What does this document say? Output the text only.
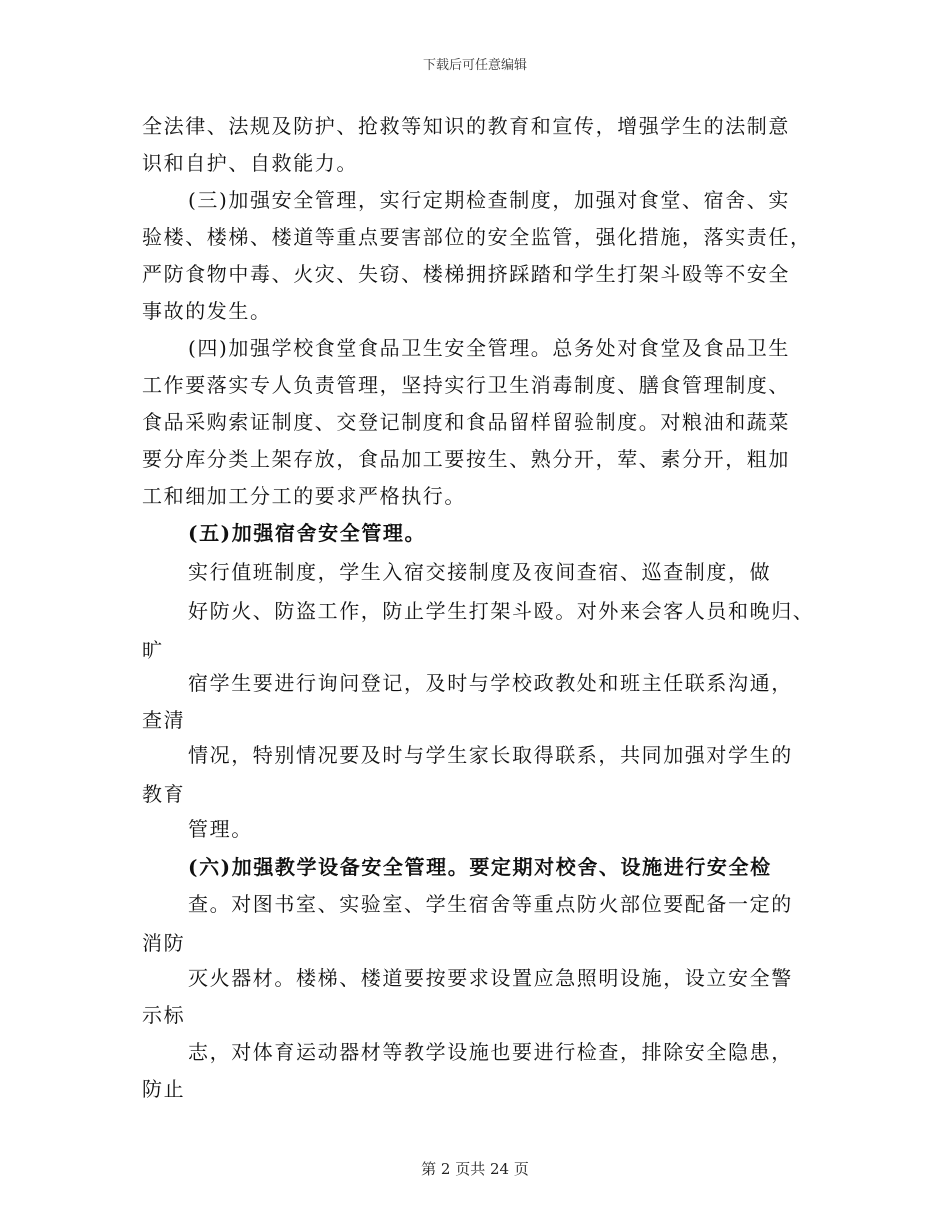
下载后可任意编辑

全法律、法规及防护、抢救等知识的教育和宣传，增强学生的法制意

识和自护、自救能力。

(三)加强安全管理，实行定期检查制度，加强对食堂、宿舍、实

验楼、楼梯、楼道等重点要害部位的安全监管，强化措施，落实责任，

严防食物中毒、火灾、失窃、楼梯拥挤踩踏和学生打架斗殴等不安全

事故的发生。

(四)加强学校食堂食品卫生安全管理。总务处对食堂及食品卫生

工作要落实专人负责管理，坚持实行卫生消毒制度、膳食管理制度、

食品采购索证制度、交登记制度和食品留样留验制度。对粮油和蔬菜

要分库分类上架存放，食品加工要按生、熟分开，荤、素分开，粗加

工和细加工分工的要求严格执行。

(五)加强宿舍安全管理。

实行值班制度，学生入宿交接制度及夜间查宿、巡查制度，做

好防火、防盗工作，防止学生打架斗殴。对外来会客人员和晚归、

旷

宿学生要进行询问登记，及时与学校政教处和班主任联系沟通，

查清

情况，特别情况要及时与学生家长取得联系，共同加强对学生的

教育

管理。

(六)加强教学设备安全管理。要定期对校舍、设施进行安全检

查。对图书室、实验室、学生宿舍等重点防火部位要配备一定的

消防

灭火器材。楼梯、楼道要按要求设置应急照明设施，设立安全警

示标

志，对体育运动器材等教学设施也要进行检查，排除安全隐患，

防止

第 2 页共 24 页
